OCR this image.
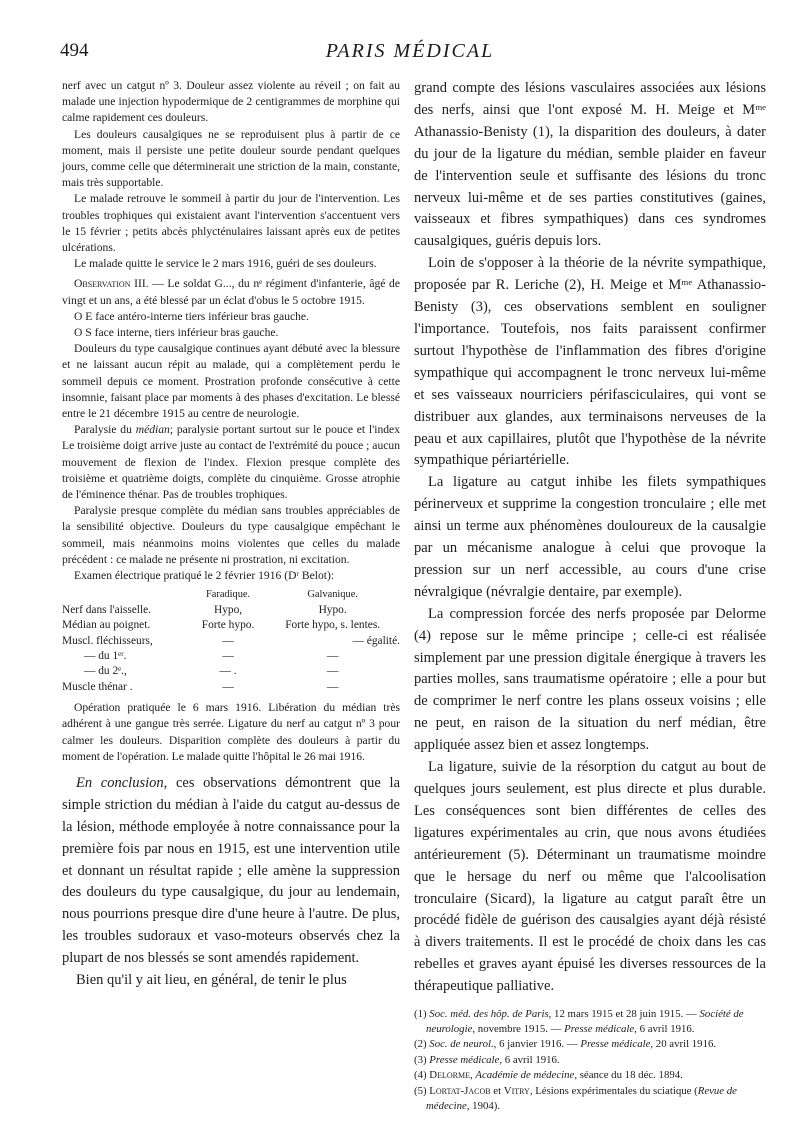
494	PARIS MÉDICAL

nerf avec un catgut nº 3. Douleur assez violente au réveil ; on fait au malade une injection hypodermique de 2 centigrammes de morphine qui calme rapidement ces douleurs.

Les douleurs causalgiques ne se reproduisent plus à partir de ce moment, mais il persiste une petite douleur sourde pendant quelques jours, comme celle que déterminerait une striction de la main, constante, mais très supportable.

Le malade retrouve le sommeil à partir du jour de l'intervention. Les troubles trophiques qui existaient avant l'intervention s'accentuent vers le 15 février ; petits abcès phlycténulaires laissant après eux de petites ulcérations.

Le malade quitte le service le 2 mars 1916, guéri de ses douleurs.

Observation III. — Le soldat G..., du nᵉ régiment d'infanterie, âgé de vingt et un ans, a été blessé par un éclat d'obus le 5 octobre 1915.

O E face antéro-interne tiers inférieur bras gauche.

O S face interne, tiers inférieur bras gauche.

Douleurs du type causalgique continues ayant débuté avec la blessure et ne laissant aucun répit au malade, qui a complètement perdu le sommeil depuis ce moment. Prostration profonde consécutive à cette insomnie, faisant place par moments à des phases d'excitation. Le blessé entre le 21 décembre 1915 au centre de neurologie.

Paralysie du médian; paralysie portant surtout sur le pouce et l'index Le troisième doigt arrive juste au contact de l'extrémité du pouce ; aucun mouvement de flexion de l'index. Flexion presque complète des troisième et quatrième doigts, complète du cinquième. Grosse atrophie de l'éminence thénar. Pas de troubles trophiques.

Paralysie presque complète du médian sans troubles appréciables de la sensibilité objective. Douleurs du type causalgique empêchant le sommeil, mais néanmoins moins violentes que celles du malade précédent : ce malade ne présente ni prostration, ni excitation.

Examen électrique pratiqué le 2 février 1916 (Dʳ Belot):

	Faradique.	Galvanique.
Nerf dans l'aisselle.	Hypo,	Hypo.
Médian au poignet.	Forte hypo.	Forte hypo, s. lentes.
Muscl. fléchisseurs,	—	— égalité.
— du 1ᵉʳ.	—	—
— du 2ᵉ.,	— .	—
Muscle thénar .	—	—

Opération pratiquée le 6 mars 1916. Libération du médian très adhérent à une gangue très serrée. Ligature du nerf au catgut nº 3 pour calmer les douleurs. Disparition complète des douleurs à partir du moment de l'opération. Le malade quitte l'hôpital le 26 mai 1916.

En conclusion, ces observations démontrent que la simple striction du médian à l'aide du catgut au-dessus de la lésion, méthode employée à notre connaissance pour la première fois par nous en 1915, est une intervention utile et donnant un résultat rapide ; elle amène la suppression des douleurs du type causalgique, du jour au lendemain, nous pourrions presque dire d'une heure à l'autre. De plus, les troubles sudoraux et vaso-moteurs observés chez la plupart de nos blessés se sont amendés rapidement.

Bien qu'il y ait lieu, en général, de tenir le plus

grand compte des lésions vasculaires associées aux lésions des nerfs, ainsi que l'ont exposé M. H. Meige et Mᵐᵉ Athanassio-Benisty (1), la disparition des douleurs, à dater du jour de la ligature du médian, semble plaider en faveur de l'intervention seule et suffisante des lésions du tronc nerveux lui-même et de ses parties constitutives (gaines, vaisseaux et fibres sympathiques) dans ces syndromes causalgiques, guéris depuis lors.

Loin de s'opposer à la théorie de la névrite sympathique, proposée par R. Leriche (2), H. Meige et Mᵐᵉ Athanassio-Benisty (3), ces observations semblent en souligner l'importance. Toutefois, nos faits paraissent confirmer surtout l'hypothèse de l'inflammation des fibres d'origine sympathique qui accompagnent le tronc nerveux lui-même et ses vaisseaux nourriciers périfasciculaires, qui vont se distribuer aux glandes, aux terminaisons nerveuses de la peau et aux capillaires, plutôt que l'hypothèse de la névrite sympathique périartérielle.

La ligature au catgut inhibe les filets sympathiques périnerveux et supprime la congestion tronculaire ; elle met ainsi un terme aux phénomènes douloureux de la causalgie par un mécanisme analogue à celui que provoque la pression sur un nerf accessible, au cours d'une crise névralgique (névralgie dentaire, par exemple).

La compression forcée des nerfs proposée par Delorme (4) repose sur le même principe ; celle-ci est réalisée simplement par une pression digitale énergique à travers les parties molles, sans traumatisme opératoire ; elle a pour but de comprimer le nerf contre les plans osseux voisins ; elle ne peut, en raison de la situation du nerf médian, être appliquée assez bien et assez longtemps.

La ligature, suivie de la résorption du catgut au bout de quelques jours seulement, est plus directe et plus durable. Les conséquences sont bien différentes de celles des ligatures expérimentales au crin, que nous avons étudiées antérieurement (5). Déterminant un traumatisme moindre que le hersage du nerf ou même que l'alcoolisation tronculaire (Sicard), la ligature au catgut paraît être un procédé fidèle de guérison des causalgies ayant déjà résisté à divers traitements. Il est le procédé de choix dans les cas rebelles et graves ayant épuisé les diverses ressources de la thérapeutique palliative.

(1) Soc. méd. des hôp. de Paris, 12 mars 1915 et 28 juin 1915. — Société de neurologie, novembre 1915. — Presse médicale, 6 avril 1916.

(2) Soc. de neurol., 6 janvier 1916. — Presse médicale, 20 avril 1916.

(3) Presse médicale, 6 avril 1916.

(4) Delorme, Académie de médecine, séance du 18 déc. 1894.

(5) Lortat-Jacob et Vitry, Lésions expérimentales du sciatique (Revue de médecine, 1904).
